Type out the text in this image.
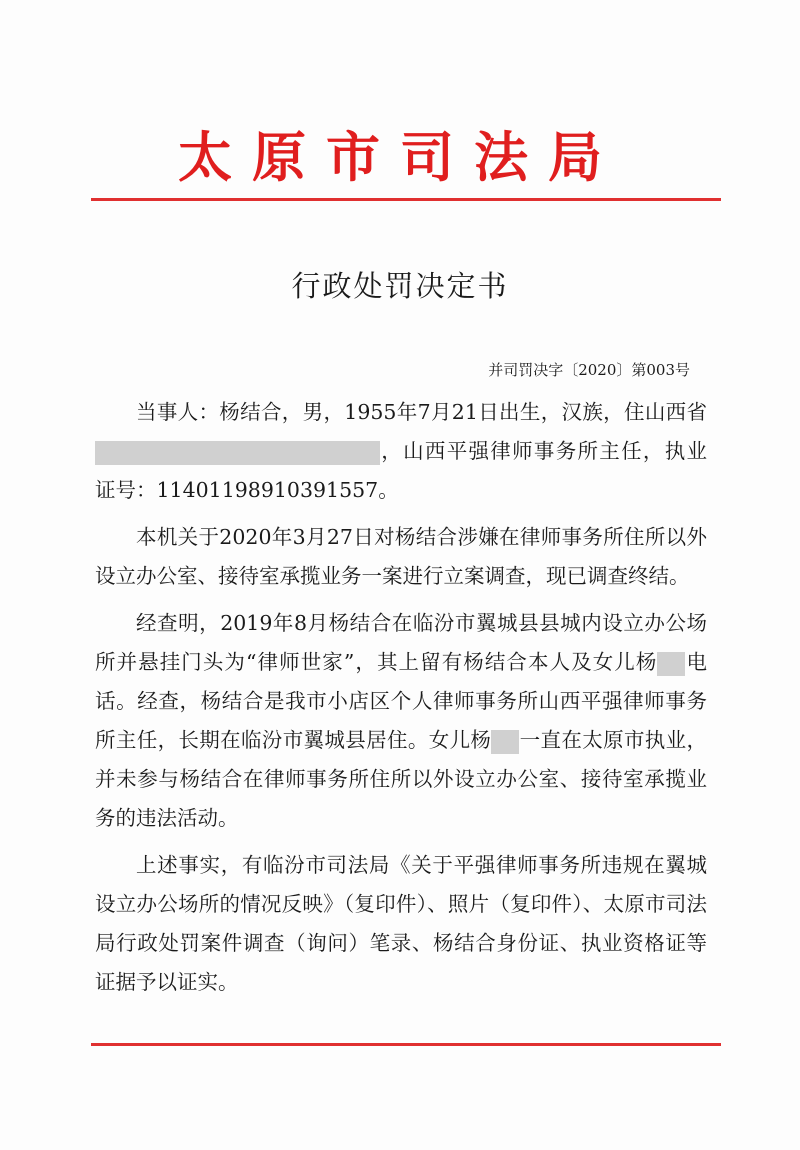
太原市司法局
行政处罚决定书
并司罚决字〔2020〕第003号

当事人：杨结合，男，1955年7月21日出生，汉族，住山西省，山西平强律师事务所主任，执业证号：11401198910391557。

本机关于2020年3月27日对杨结合涉嫌在律师事务所住所以外设立办公室、接待室承揽业务一案进行立案调查，现已调查终结。

经查明，2019年8月杨结合在临汾市翼城县县城内设立办公场所并悬挂门头为“律师世家”，其上留有杨结合本人及女儿杨 电话。经查，杨结合是我市小店区个人律师事务所山西平强律师事务所主任，长期在临汾市翼城县居住。女儿杨 一直在太原市执业，并未参与杨结合在律师事务所住所以外设立办公室、接待室承揽业务的违法活动。

上述事实，有临汾市司法局《关于平强律师事务所违规在翼城设立办公场所的情况反映》（复印件）、照片（复印件）、太原市司法局行政处罚案件调查（询问）笔录、杨结合身份证、执业资格证等证据予以证实。
